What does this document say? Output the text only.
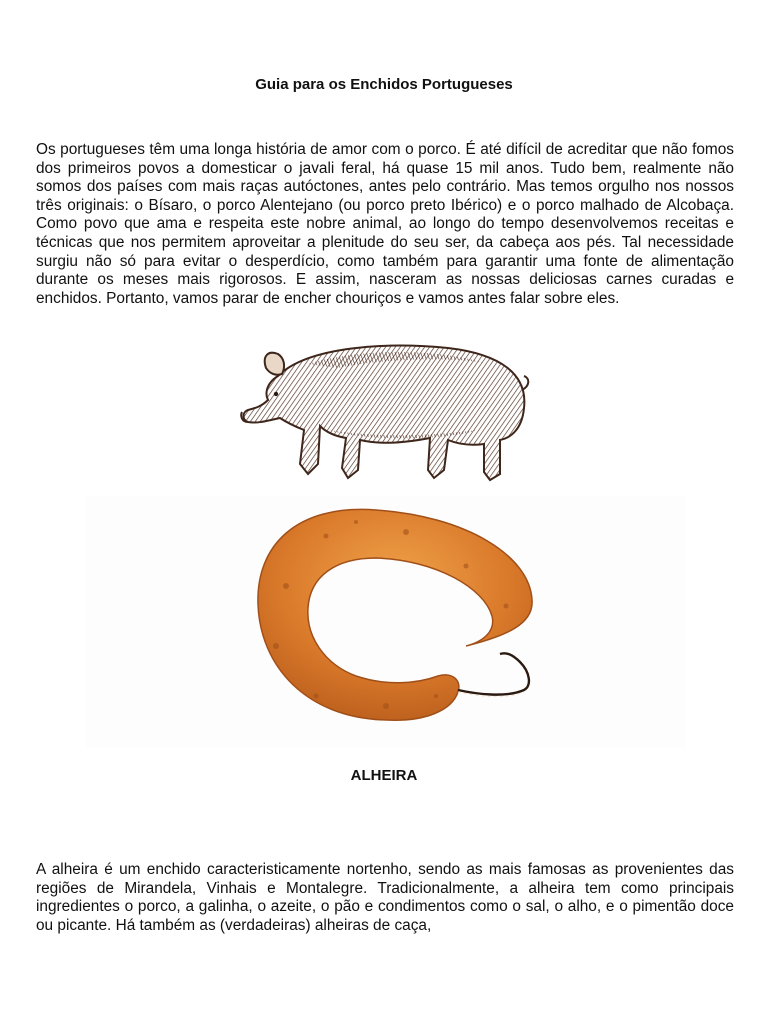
Guia para os Enchidos Portugueses

Os portugueses têm uma longa história de amor com o porco. É até difícil de acreditar que não fomos dos primeiros povos a domesticar o javali feral, há quase 15 mil anos. Tudo bem, realmente não somos dos países com mais raças autóctones, antes pelo contrário. Mas temos orgulho nos nossos três originais: o Bísaro, o porco Alentejano (ou porco preto Ibérico) e o porco malhado de Alcobaça. Como povo que ama e respeita este nobre animal, ao longo do tempo desenvolvemos receitas e técnicas que nos permitem aproveitar a plenitude do seu ser, da cabeça aos pés. Tal necessidade surgiu não só para evitar o desperdício, como também para garantir uma fonte de alimentação durante os meses mais rigorosos. E assim, nasceram as nossas deliciosas carnes curadas e enchidos. Portanto, vamos parar de encher chouriços e vamos antes falar sobre eles.

ALHEIRA

A alheira é um enchido caracteristicamente nortenho, sendo as mais famosas as provenientes das regiões de Mirandela, Vinhais e Montalegre. Tradicionalmente, a alheira tem como principais ingredientes o porco, a galinha, o azeite, o pão e condimentos como o sal, o alho, e o pimentão doce ou picante. Há também as (verdadeiras) alheiras de caça,
